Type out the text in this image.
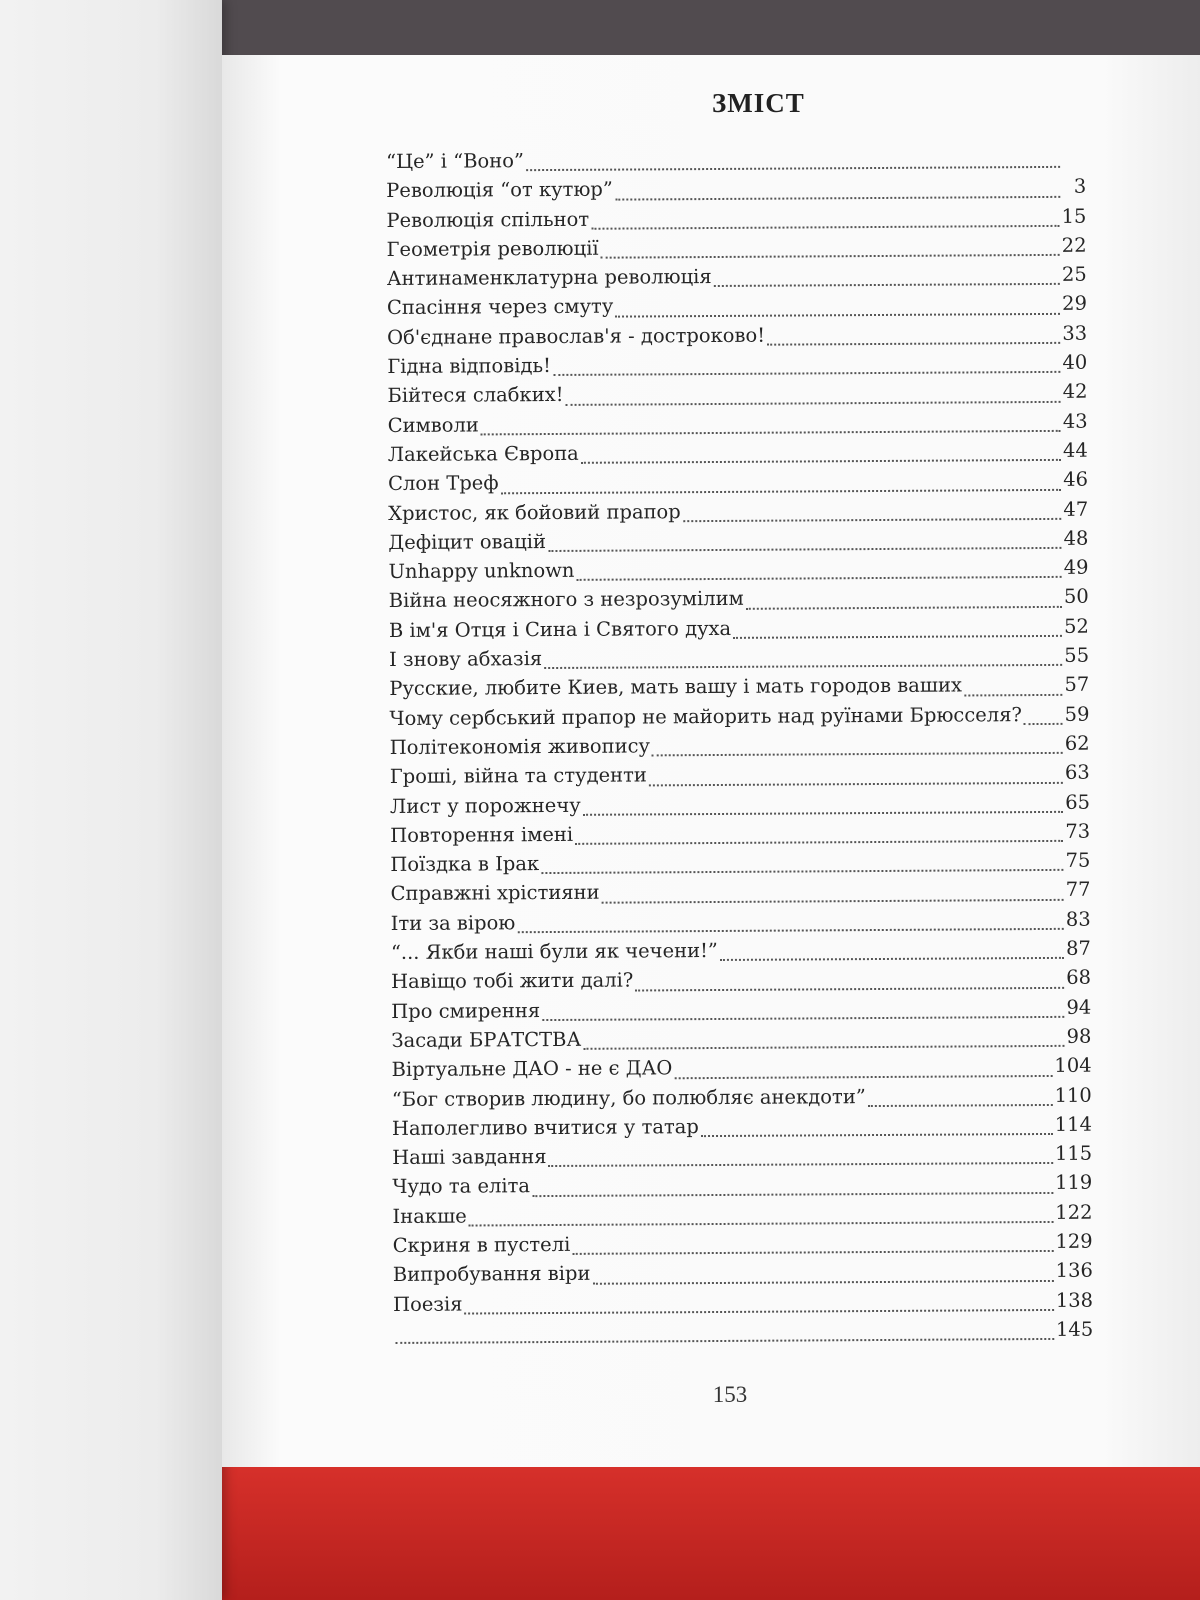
ЗМІСТ
“Це” і “Воно”
Революція “от кутюр”	3
Революція спільнот	15
Геометрія революції	22
Антинаменклатурна революція	25
Спасіння через смуту	29
Об'єднане православ'я - достроково!	33
Гідна відповідь!	40
Бійтеся слабких!	42
Символи	43
Лакейська Європа	44
Слон Треф	46
Христос, як бойовий прапор	47
Дефіцит овацій	48
Unhappy unknown	49
Війна неосяжного з незрозумілим	50
В ім'я Отця і Сина і Святого духа	52
І знову абхазія	55
Русские, любите Киев, мать вашу і мать городов ваших	57
Чому сербський прапор не майорить над руїнами Брюсселя? 59
Політекономія живопису	62
Гроші, війна та студенти	63
Лист у порожнечу	65
Повторення імені	73
Поїздка в Ірак	75
Справжні хрістияни	77
Іти за вірою	83
“... Якби наші були як чечени!”	87
Навіщо тобі жити далі?	68
Про смирення	94
Засади БРАТСТВА	98
Віртуальне ДАО - не є ДАО	104
“Бог створив людину, бо полюбляє анекдоти”	110
Наполегливо вчитися у татар	114
Наші завдання	115
Чудо та еліта	119
Інакше	122
Скриня в пустелі	129
Випробування віри	136
Поезія	138
145
153
